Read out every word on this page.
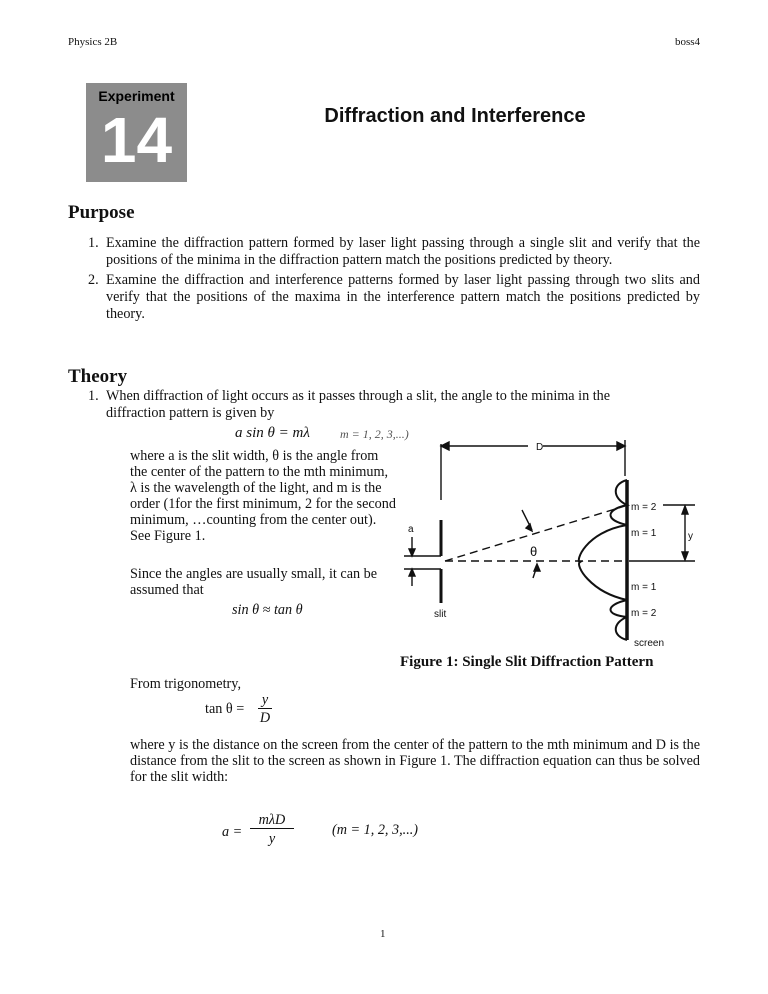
Physics 2B	boss4
Experiment
14	Diffraction and Interference
Purpose
1. Examine the diffraction pattern formed by laser light passing through a single slit and verify that the positions of the minima in the diffraction pattern match the positions predicted by theory.
2. Examine the diffraction and interference patterns formed by laser light passing through two slits and verify that the positions of the maxima in the interference pattern match the positions predicted by theory.
Theory
1. When diffraction of light occurs as it passes through a slit, the angle to the minima in the diffraction pattern is given by
a sin θ = mλ	m = 1, 2, 3,...)
where a is the slit width, θ is the angle from the center of the pattern to the mth minimum, λ is the wavelength of the light, and m is the order (1for the first minimum, 2 for the second minimum, …counting from the center out). See Figure 1.
Since the angles are usually small, it can be assumed that
sin θ ≈ tan θ
a
D
slit
θ
y
screen
m = 2
m = 1
m = 1
m = 2
Figure 1: Single Slit Diffraction Pattern
From trigonometry,
tan θ =
y
D
where y is the distance on the screen from the center of the pattern to the mth minimum and D is the distance from the slit to the screen as shown in Figure 1. The diffraction equation can thus be solved for the slit width:
a =
mλD
y
(m = 1, 2, 3,...)
1
